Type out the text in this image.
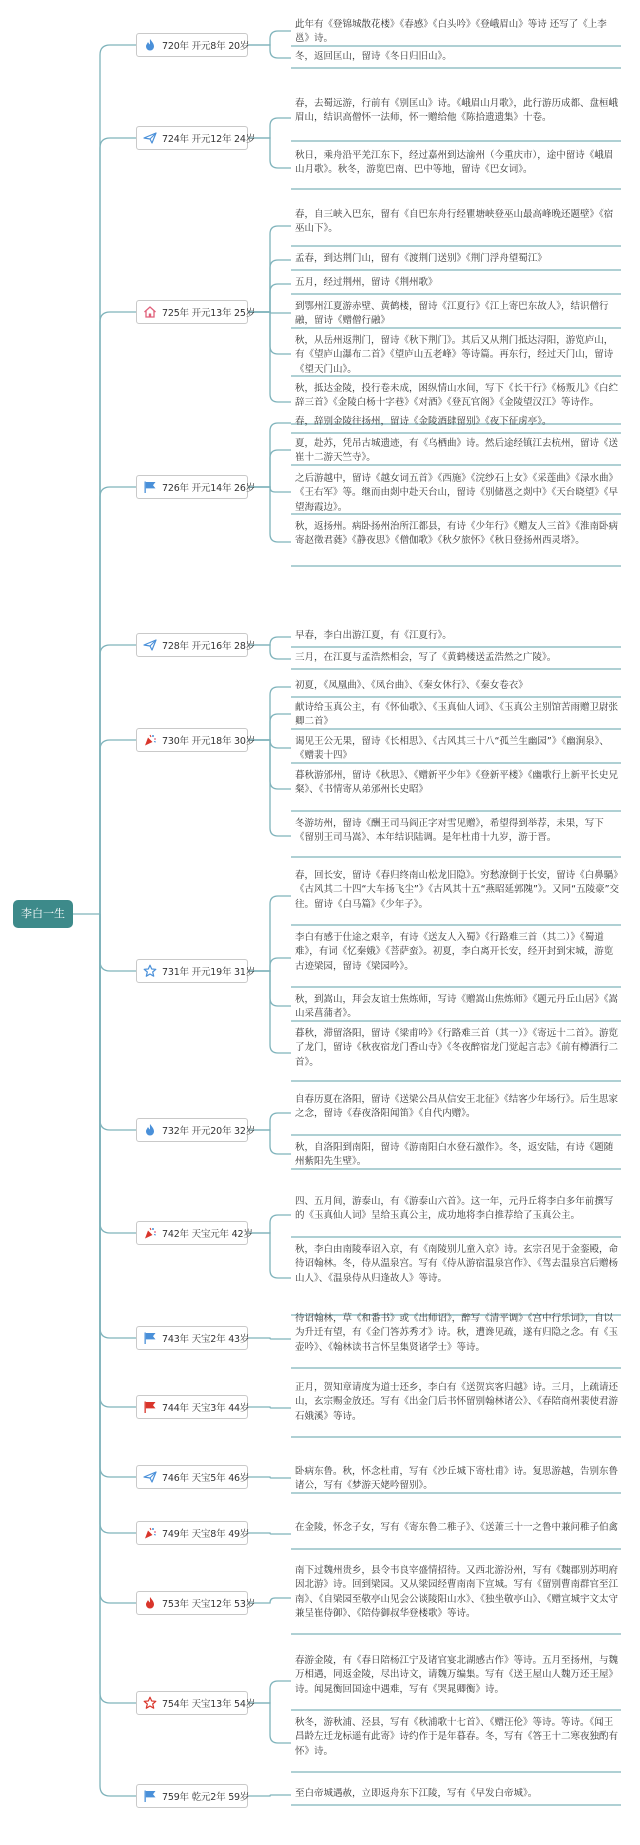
李白一生
720年 开元8年 20岁
此年有《登锦城散花楼》《春感》《白头吟》《登峨眉山》等诗 还写了《上李邕》诗。
冬，返回匡山，留诗《冬日归旧山》。
724年 开元12年 24岁
春，去蜀远游，行前有《别匡山》诗。《峨眉山月歌》，此行游历成都、盘桓峨眉山，结识高僧怀一法师，怀一赠给他《陈拾遗遗集》十卷。
秋日，乘舟沿平羌江东下，经过嘉州到达渝州（今重庆市），途中留诗《峨眉山月歌》。秋冬，游览巴南、巴中等地，留诗《巴女词》。
725年 开元13年 25岁
春，自三峡入巴东，留有《自巴东舟行经瞿塘峡登巫山最高峰晚还题壁》《宿巫山下》。
孟春，到达荆门山，留有《渡荆门送别》《荆门浮舟望蜀江》
五月，经过荆州，留诗《荆州歌》
到鄂州江夏游赤壁、黄鹤楼，留诗《江夏行》《江上寄巴东故人》，结识僧行融，留诗《赠僧行融》
秋，从岳州返荆门，留诗《秋下荆门》。其后又从荆门抵达浔阳，游览庐山，有《望庐山瀑布二首》《望庐山五老峰》等诗篇。再东行，经过天门山，留诗《望天门山》。
秋，抵达金陵，投行卷未成，困纵情山水间，写下《长干行》《杨叛儿》《白纻辞三首》《金陵白杨十字巷》《对酒》《登瓦官阁》《金陵望汉江》等诗作。
726年 开元14年 26岁
春，辞别金陵往扬州，留诗《金陵酒肆留别》《夜下征虏亭》。
夏，赴苏，凭吊古城遗迹，有《乌栖曲》诗。然后途经镇江去杭州，留诗《送崔十二游天竺寺》。
之后游越中，留诗《越女词五首》《西施》《浣纱石上女》《采莲曲》《渌水曲》《王右军》等。继而由剡中赴天台山，留诗《别储邕之剡中》《天台晓望》《早望海霞边》。
秋，返扬州。病卧扬州治所江都县，有诗《少年行》《赠友人三首》《淮南卧病寄赵徵君蕤》《静夜思》《僧伽歌》《秋夕旅怀》《秋日登扬州西灵塔》。
728年 开元16年 28岁
早春，李白出游江夏，有《江夏行》。
三月，在江夏与孟浩然相会，写了《黄鹤楼送孟浩然之广陵》。
730年 开元18年 30岁
初夏，《凤凰曲》、《凤台曲》、《秦女休行》、《秦女卷衣》
献诗给玉真公主，有《怀仙歌》、《玉真仙人词》、《玉真公主别馆苦雨赠卫尉张卿二首》
谒见王公无果，留诗《长相思》、《古风其三十八“孤兰生幽园”》《幽涧泉》、《赠裴十四》
暮秋游邠州，留诗《秋思》、《赠新平少年》《登新平楼》《幽歌行上新平长史兄粲》、《书情寄从弟邠州长史昭》
冬游坊州，留诗《酬王司马阎正字对雪见赠》，希望得到举荐，未果，写下《留别王司马嵩》、本年结识陆调。是年杜甫十九岁，游于晋。
731年 开元19年 31岁
春，回长安，留诗《春归终南山松龙旧隐》。穷愁潦倒于长安，留诗《白鼻騧》《古风其二十四“大车扬飞尘”》《古风其十五“燕昭延郭隗”》。又同“五陵豪”交往。留诗《白马篇》《少年子》。
李白有感于仕途之艰辛，有诗《送友人入蜀》《行路难三首（其二）》《蜀道难》，有词《忆秦娥》《菩萨蛮》。初夏，李白离开长安，经开封到宋城，游览古迹梁园，留诗《梁园吟》。
秋，到嵩山，拜会友谊士焦炼师，写诗《赠嵩山焦炼师》《题元丹丘山居》《嵩山采菖蒲者》。
暮秋，滞留洛阳，留诗《梁甫吟》《行路难三首（其一）》《寄远十二首》。游览了龙门，留诗《秋夜宿龙门香山寺》《冬夜醉宿龙门觉起言志》《前有樽酒行二首》。
732年 开元20年 32岁
自春历夏在洛阳，留诗《送梁公昌从信安王北征》《结客少年场行》。后生思家之念，留诗《春夜洛阳闻笛》《自代内赠》。
秋，自洛阳到南阳，留诗《游南阳白水登石激作》。冬，返安陆，有诗《题随州紫阳先生壁》。
742年 天宝元年 42岁
四、五月间，游泰山，有《游泰山六首》。这一年，元丹丘将李白多年前撰写的《玉真仙人词》呈给玉真公主，成功地将李白推荐给了玉真公主。
秋，李白由南陵奉诏入京，有《南陵别儿童入京》诗。玄宗召见于金銮殿，命待诏翰林。冬，侍从温泉宫。写有《侍从游宿温泉宫作》、《驾去温泉宫后赠杨山人》、《温泉侍从归逢故人》等诗。
743年 天宝2年 43岁
待诏翰林，草《和番书》或《出师诏》，醉写《清平调》《宫中行乐词》，自以为升迁有望，有《金门答苏秀才》诗。秋，遭谗见疏，遂有归隐之念。有《玉壶吟》、《翰林读书言怀呈集贤诸学士》等诗。
744年 天宝3年 44岁
正月，贺知章请度为道士还乡，李白有《送贺宾客归越》诗。三月，上疏请还山，玄宗赐金放还。写有《出金门后书怀留别翰林诸公》、《春陪商州裴使君游石娥溪》等诗。
746年 天宝5年 46岁
卧病东鲁。秋，怀念杜甫，写有《沙丘城下寄杜甫》诗。复思游越，告别东鲁诸公，写有《梦游天姥吟留别》。
749年 天宝8年 49岁
在金陵，怀念子女，写有《寄东鲁二稚子》、《送萧三十一之鲁中兼问稚子伯禽
753年 天宝12年 53岁
南下过魏州贵乡，县令韦良宰盛情招待。又西北游汾州，写有《魏郡别苏明府因北游》诗。回到梁园。又从梁园经曹南南下宣城。写有《留别曹南群官至江南》、《自梁园至敬亭山见会公谈陵阳山水》、《独坐敬亭山》、《赠宣城宇文太守兼呈崔侍御》、《陪侍御叔华登楼歌》等诗。
754年 天宝13年 54岁
春游金陵，有《春日陪杨江宁及诸官宴北湖感古作》等诗。五月至扬州，与魏万相遇，同返金陵，尽出诗文，请魏万编集。写有《送王屋山人魏万还王屋》诗。闻晁衡回国途中遇难，写有《哭晁卿衡》诗。
秋冬，游秋浦、泾县，写有《秋浦歌十七首》、《赠汪伦》等诗。等诗。《闻王昌龄左迁龙标遥有此寄》诗约作于是年暮春。冬，写有《答王十二寒夜独酌有怀》诗。
759年 乾元2年 59岁	至白帝城遇赦，立即返舟东下江陵，写有《早发白帝城》。
